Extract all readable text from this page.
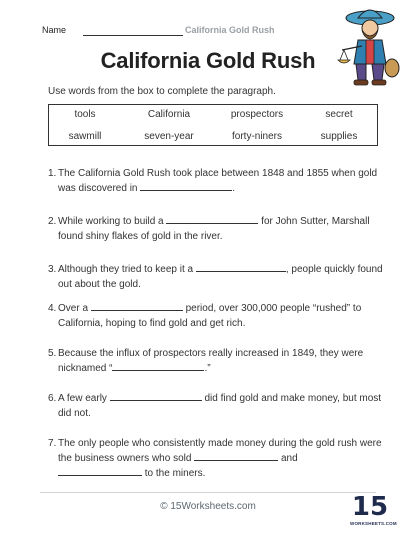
Name	California Gold Rush
California Gold Rush
Use words from the box to complete the paragraph.
tools	California	prospectors	secret
sawmill	seven-year	forty-niners	supplies
1. The California Gold Rush took place between 1848 and 1855 when gold was discovered in	.
2. While working to build a	for John Sutter, Marshall found shiny flakes of gold in the river.
3. Although they tried to keep it a	, people quickly found out about the gold.
4. Over a	period, over 300,000 people “rushed” to California, hoping to find gold and get rich.
5. Because the influx of prospectors really increased in 1849, they were nicknamed “	.”
6. A few early	did find gold and make money, but most did not.
7. The only people who consistently made money during the gold rush were the business owners who sold	and
to the miners.
© 15Worksheets.com	15
WORKSHEETS.COM
